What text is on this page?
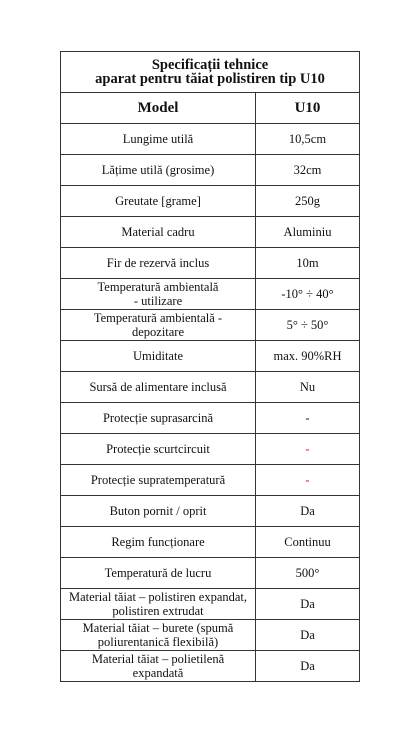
Specificații tehnice
aparat pentru tăiat polistiren tip U10	
Model	U10
Lungime utilă	10,5cm
Lățime utilă (grosime)	32cm
Greutate [grame]	250g
Material cadru	Aluminiu
Fir de rezervă inclus	10m
Temperatură ambientală
- utilizare	-10° ÷ 40°
Temperatură ambientală -
depozitare	5° ÷ 50°
Umiditate	max. 90%RH
Sursă de alimentare inclusă	Nu
Protecție suprasarcină	-
Protecție scurtcircuit	-
Protecție supratemperatură	-
Buton pornit / oprit	Da
Regim funcționare	Continuu
Temperatură de lucru	500°
Material tăiat – polistiren expandat,
polistiren extrudat	Da
Material tăiat – burete (spumă
poliurentanică flexibilă)	Da
Material tăiat – polietilenă
expandată	Da
